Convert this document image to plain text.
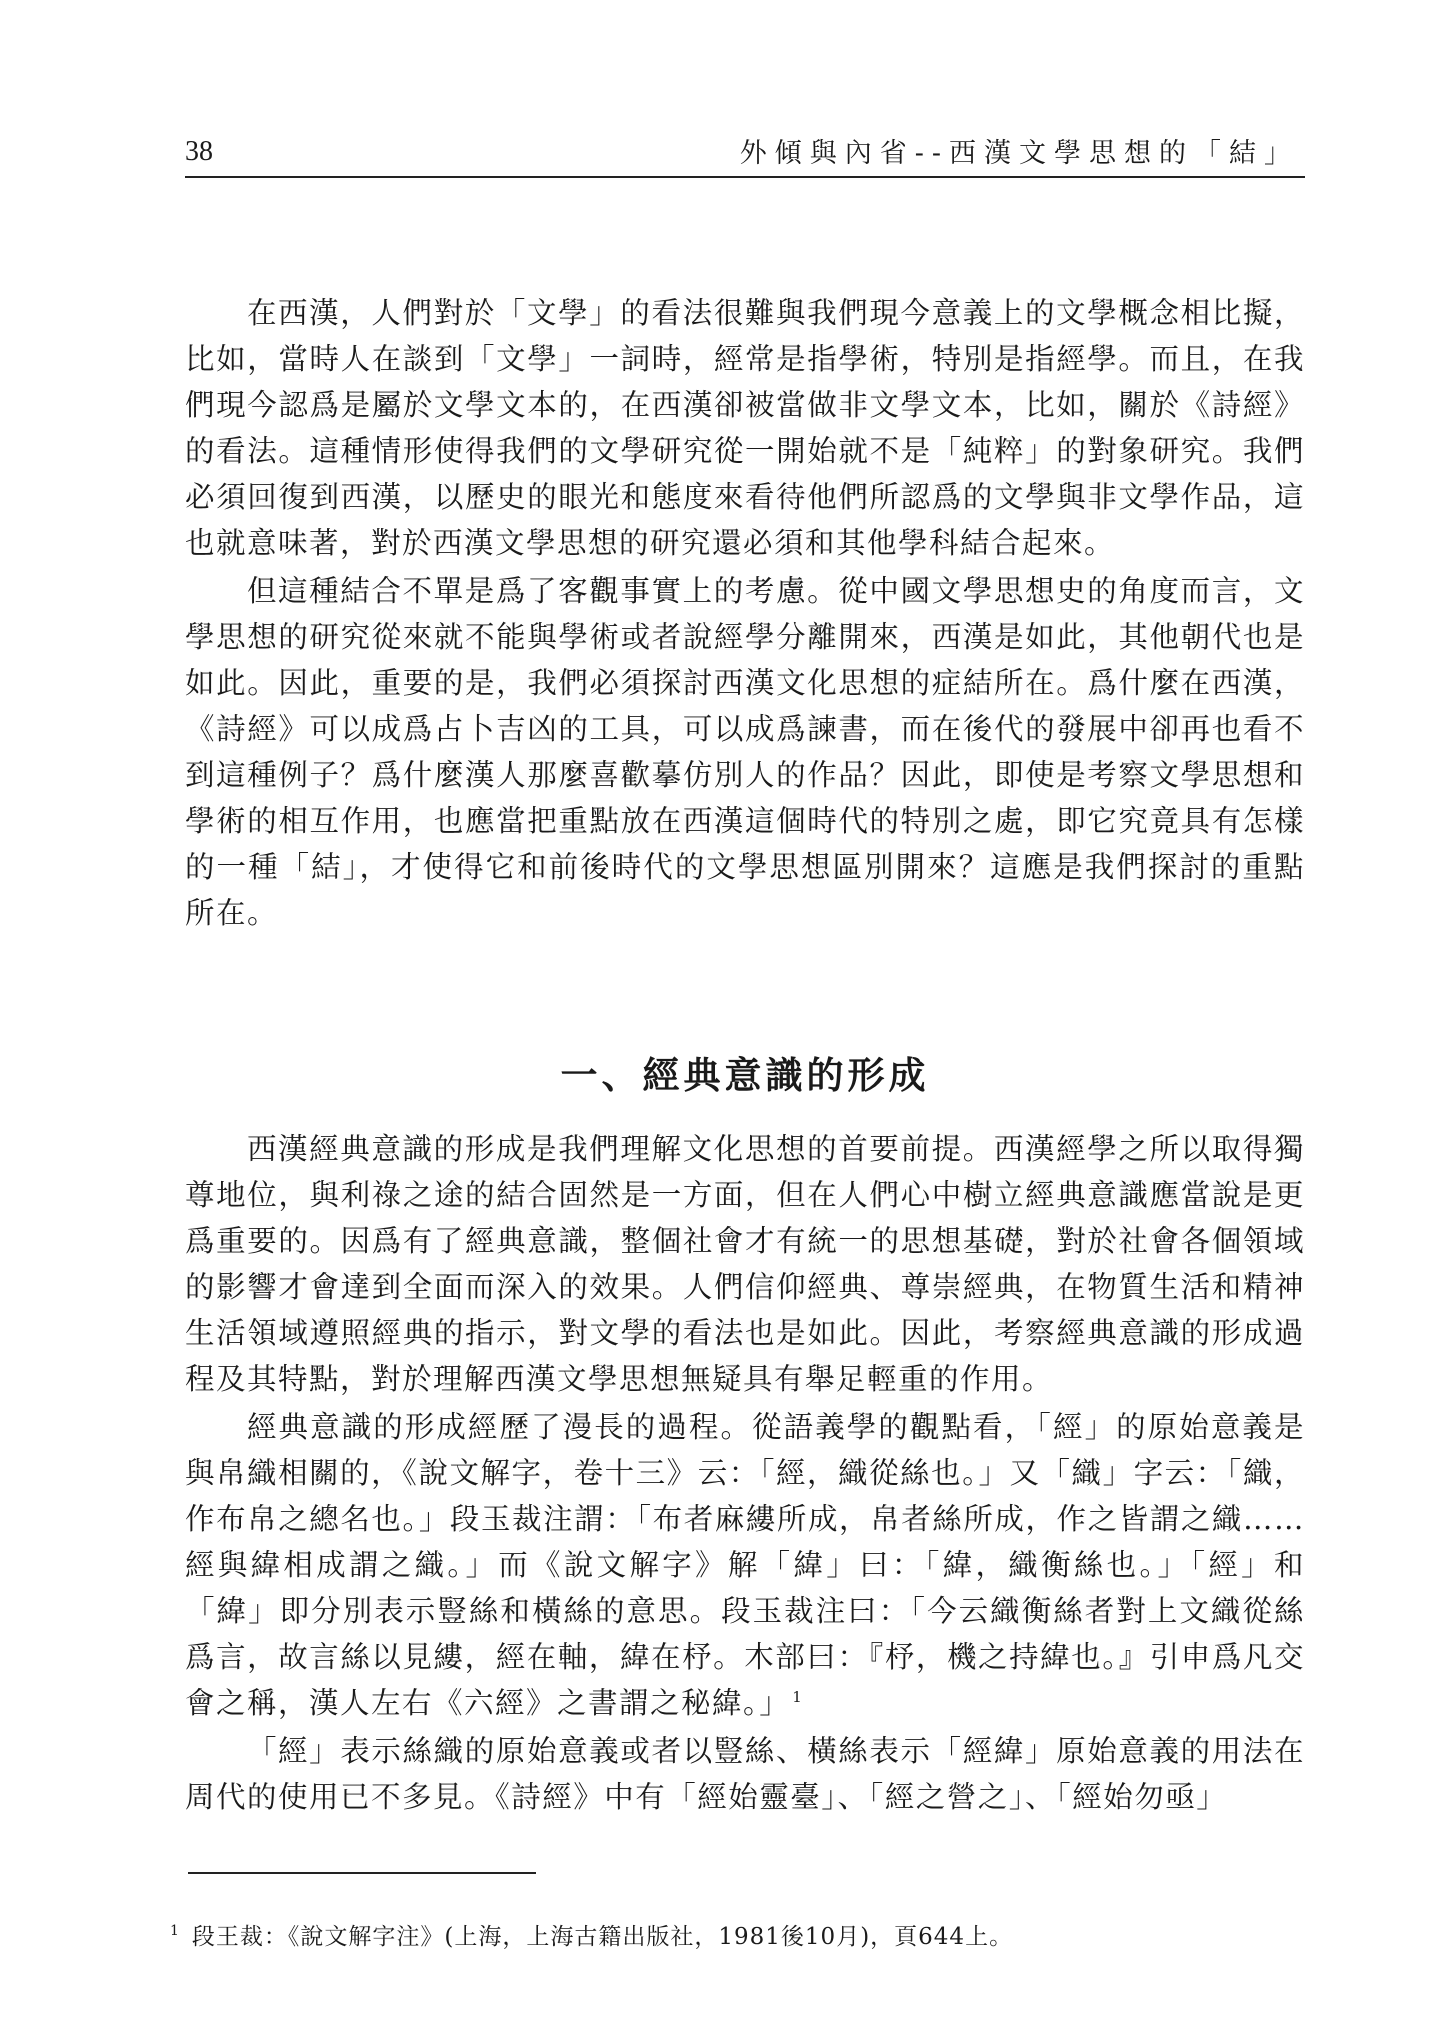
38	外傾與內省--西漢文學思想的「結」

在西漢，人們對於「文學」的看法很難與我們現今意義上的文學概念相比擬，比如，當時人在談到「文學」一詞時，經常是指學術，特別是指經學。而且，在我們現今認爲是屬於文學文本的，在西漢卻被當做非文學文本，比如，關於《詩經》的看法。這種情形使得我們的文學研究從一開始就不是「純粹」的對象研究。我們必須回復到西漢，以歷史的眼光和態度來看待他們所認爲的文學與非文學作品，這也就意味著，對於西漢文學思想的研究還必須和其他學科結合起來。

但這種結合不單是爲了客觀事實上的考慮。從中國文學思想史的角度而言，文學思想的研究從來就不能與學術或者說經學分離開來，西漢是如此，其他朝代也是如此。因此，重要的是，我們必須探討西漢文化思想的症結所在。爲什麼在西漢，《詩經》可以成爲占卜吉凶的工具，可以成爲諫書，而在後代的發展中卻再也看不到這種例子？爲什麼漢人那麼喜歡摹仿別人的作品？因此，即使是考察文學思想和學術的相互作用，也應當把重點放在西漢這個時代的特別之處，即它究竟具有怎樣的一種「結」，才使得它和前後時代的文學思想區別開來？這應是我們探討的重點所在。

一、經典意識的形成

西漢經典意識的形成是我們理解文化思想的首要前提。西漢經學之所以取得獨尊地位，與利祿之途的結合固然是一方面，但在人們心中樹立經典意識應當說是更爲重要的。因爲有了經典意識，整個社會才有統一的思想基礎，對於社會各個領域的影響才會達到全面而深入的效果。人們信仰經典、尊崇經典，在物質生活和精神生活領域遵照經典的指示，對文學的看法也是如此。因此，考察經典意識的形成過程及其特點，對於理解西漢文學思想無疑具有舉足輕重的作用。

經典意識的形成經歷了漫長的過程。從語義學的觀點看，「經」的原始意義是與帛織相關的，《說文解字，卷十三》云：「經，織從絲也。」又「織」字云：「織，作布帛之總名也。」段玉裁注謂：「布者麻縷所成，帛者絲所成，作之皆謂之織……經與緯相成謂之織。」而《說文解字》解「緯」曰：「緯，織衡絲也。」「經」和「緯」即分別表示豎絲和橫絲的意思。段玉裁注曰：「今云織衡絲者對上文織從絲爲言，故言絲以見縷，經在軸，緯在杼。木部曰：『杼，機之持緯也。』引申爲凡交會之稱，漢人左右《六經》之書謂之秘緯。」 $^1$

「經」表示絲織的原始意義或者以豎絲、橫絲表示「經緯」原始意義的用法在周代的使用已不多見。《詩經》中有「經始靈臺」、「經之營之」、「經始勿亟」

$^1$ 段王裁：《說文解字注》(上海，上海古籍出版社，1981後10月)，頁644上。
